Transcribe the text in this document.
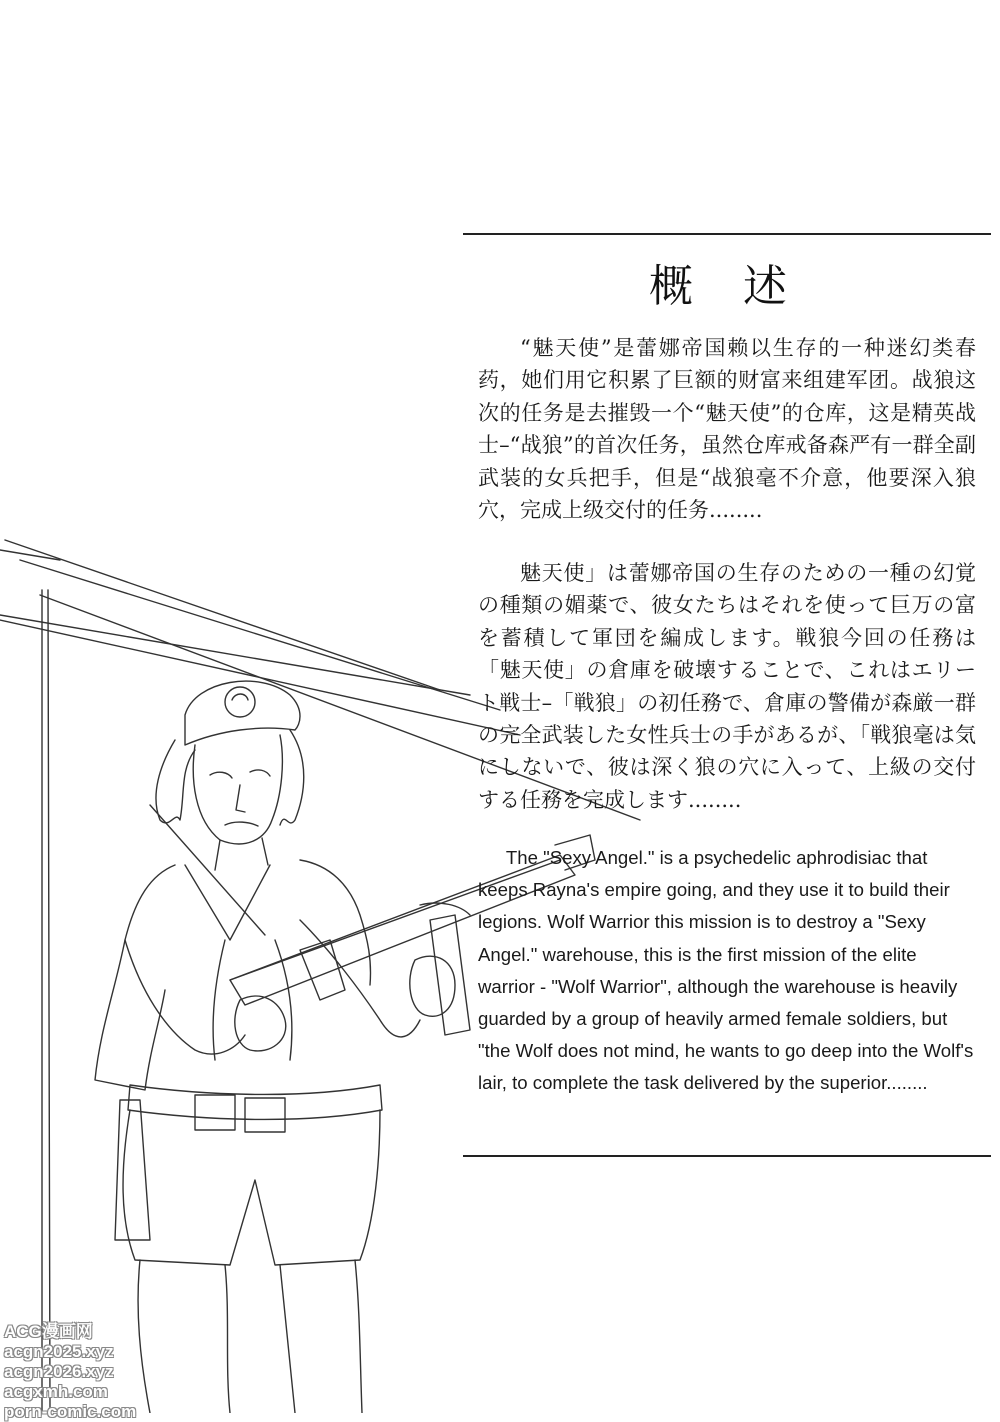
概 述

“魅天使”是蕾娜帝国赖以生存的一种迷幻类春药，她们用它积累了巨额的财富来组建军团。战狼这次的任务是去摧毁一个“魅天使”的仓库，这是精英战士–“战狼”的首次任务，虽然仓库戒备森严有一群全副武装的女兵把手，但是“战狼毫不介意，他要深入狼穴，完成上级交付的任务........

魅天使」は蕾娜帝国の生存のための一種の幻覚の種類の媚薬で、彼女たちはそれを使って巨万の富を蓄積して軍団を編成します。戦狼今回の任務は「魅天使」の倉庫を破壊することで、これはエリート戦士–「戦狼」の初任務で、倉庫の警備が森厳一群の完全武装した女性兵士の手があるが、「戦狼毫は気にしないで、彼は深く狼の穴に入って、上級の交付する任務を完成します........

The "Sexy Angel." is a psychedelic aphrodisiac that keeps Rayna's empire going, and they use it to build their legions. Wolf Warrior this mission is to destroy a "Sexy Angel." warehouse, this is the first mission of the elite warrior - "Wolf Warrior", although the warehouse is heavily guarded by a group of heavily armed female soldiers, but "the Wolf does not mind, he wants to go deep into the Wolf's lair, to complete the task delivered by the superior........

ACG漫画网
acgn2025.xyz
acgn2026.xyz
acgxmh.com
porn-comic.com
